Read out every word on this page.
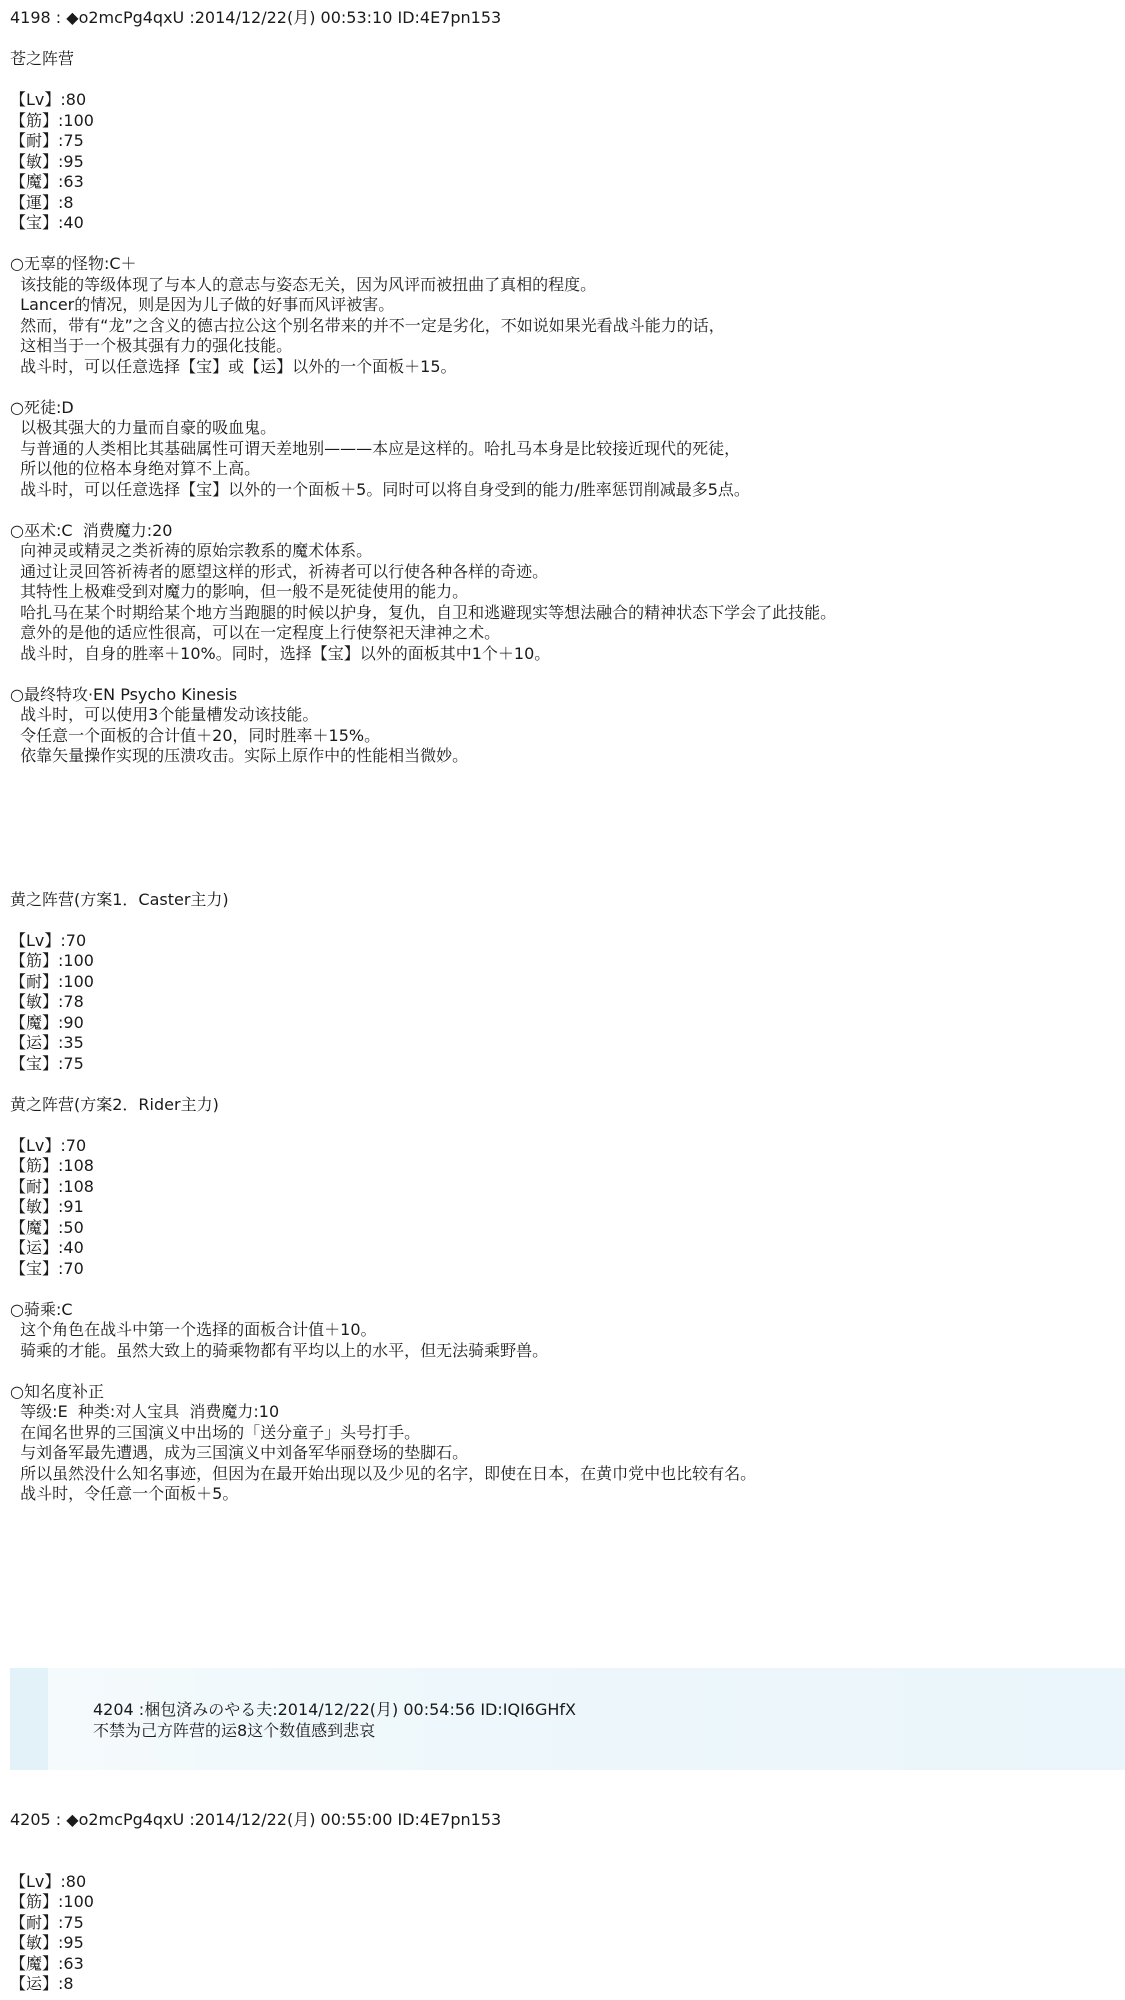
4198 : ◆o2mcPg4qxU :2014/12/22(月) 00:53:10 ID:4E7pn153
苍之阵营
【Lv】:80
【筋】:100
【耐】:75
【敏】:95
【魔】:63
【運】:8
【宝】:40
○无辜的怪物:C＋
该技能的等级体现了与本人的意志与姿态无关，因为风评而被扭曲了真相的程度。
Lancer的情况，则是因为儿子做的好事而风评被害。
然而，带有“龙”之含义的德古拉公这个别名带来的并不一定是劣化，不如说如果光看战斗能力的话，
这相当于一个极其强有力的强化技能。
战斗时，可以任意选择【宝】或【运】以外的一个面板＋15。
○死徒:D
以极其强大的力量而自豪的吸血鬼。
与普通的人类相比其基础属性可谓天差地别———本应是这样的。哈扎马本身是比较接近现代的死徒，
所以他的位格本身绝对算不上高。
战斗时，可以任意选择【宝】以外的一个面板＋5。同时可以将自身受到的能力/胜率惩罚削减最多5点。
○巫术:C  消费魔力:20
向神灵或精灵之类祈祷的原始宗教系的魔术体系。
通过让灵回答祈祷者的愿望这样的形式，祈祷者可以行使各种各样的奇迹。
其特性上极难受到对魔力的影响，但一般不是死徒使用的能力。
哈扎马在某个时期给某个地方当跑腿的时候以护身，复仇，自卫和逃避现实等想法融合的精神状态下学会了此技能。
意外的是他的适应性很高，可以在一定程度上行使祭祀天津神之术。
战斗时，自身的胜率＋10%。同时，选择【宝】以外的面板其中1个＋10。
○最终特攻·EN Psycho Kinesis
战斗时，可以使用3个能量槽发动该技能。
令任意一个面板的合计值＋20，同时胜率＋15%。
依靠矢量操作实现的压溃攻击。实际上原作中的性能相当微妙。
黄之阵营(方案1．Caster主力)
【Lv】:70
【筋】:100
【耐】:100
【敏】:78
【魔】:90
【运】:35
【宝】:75
黄之阵营(方案2．Rider主力)
【Lv】:70
【筋】:108
【耐】:108
【敏】:91
【魔】:50
【运】:40
【宝】:70
○骑乘:C
这个角色在战斗中第一个选择的面板合计值＋10。
骑乘的才能。虽然大致上的骑乘物都有平均以上的水平，但无法骑乘野兽。
○知名度补正
等级:E  种类:对人宝具  消费魔力:10
在闻名世界的三国演义中出场的「送分童子」头号打手。
与刘备军最先遭遇，成为三国演义中刘备军华丽登场的垫脚石。
所以虽然没什么知名事迹，但因为在最开始出现以及少见的名字，即使在日本，在黄巾党中也比较有名。
战斗时，令任意一个面板＋5。
4204 :梱包済みのやる夫:2014/12/22(月) 00:54:56 ID:IQI6GHfX
不禁为己方阵营的运8这个数值感到悲哀
4205 : ◆o2mcPg4qxU :2014/12/22(月) 00:55:00 ID:4E7pn153
【Lv】:80
【筋】:100
【耐】:75
【敏】:95
【魔】:63
【运】:8
